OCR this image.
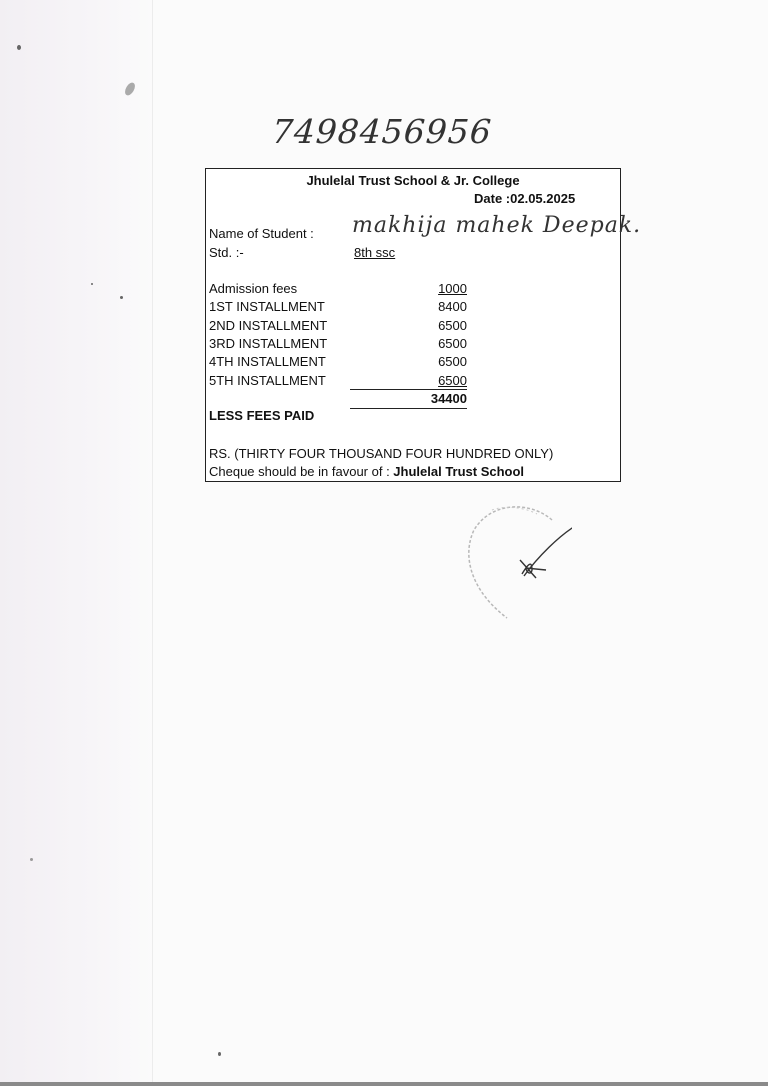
7498456956
Jhulelal Trust School & Jr. College
Date :02.05.2025
Name of Student : makhija mahek Deepak.
Std. :-	8th ssc
Admission fees	1000
1ST INSTALLMENT	8400
2ND INSTALLMENT	6500
3RD INSTALLMENT	6500
4TH INSTALLMENT	6500
5TH INSTALLMENT	6500
34400
LESS FEES PAID
RS. (THIRTY FOUR THOUSAND FOUR HUNDRED ONLY)
Cheque should be in favour of : Jhulelal Trust School
